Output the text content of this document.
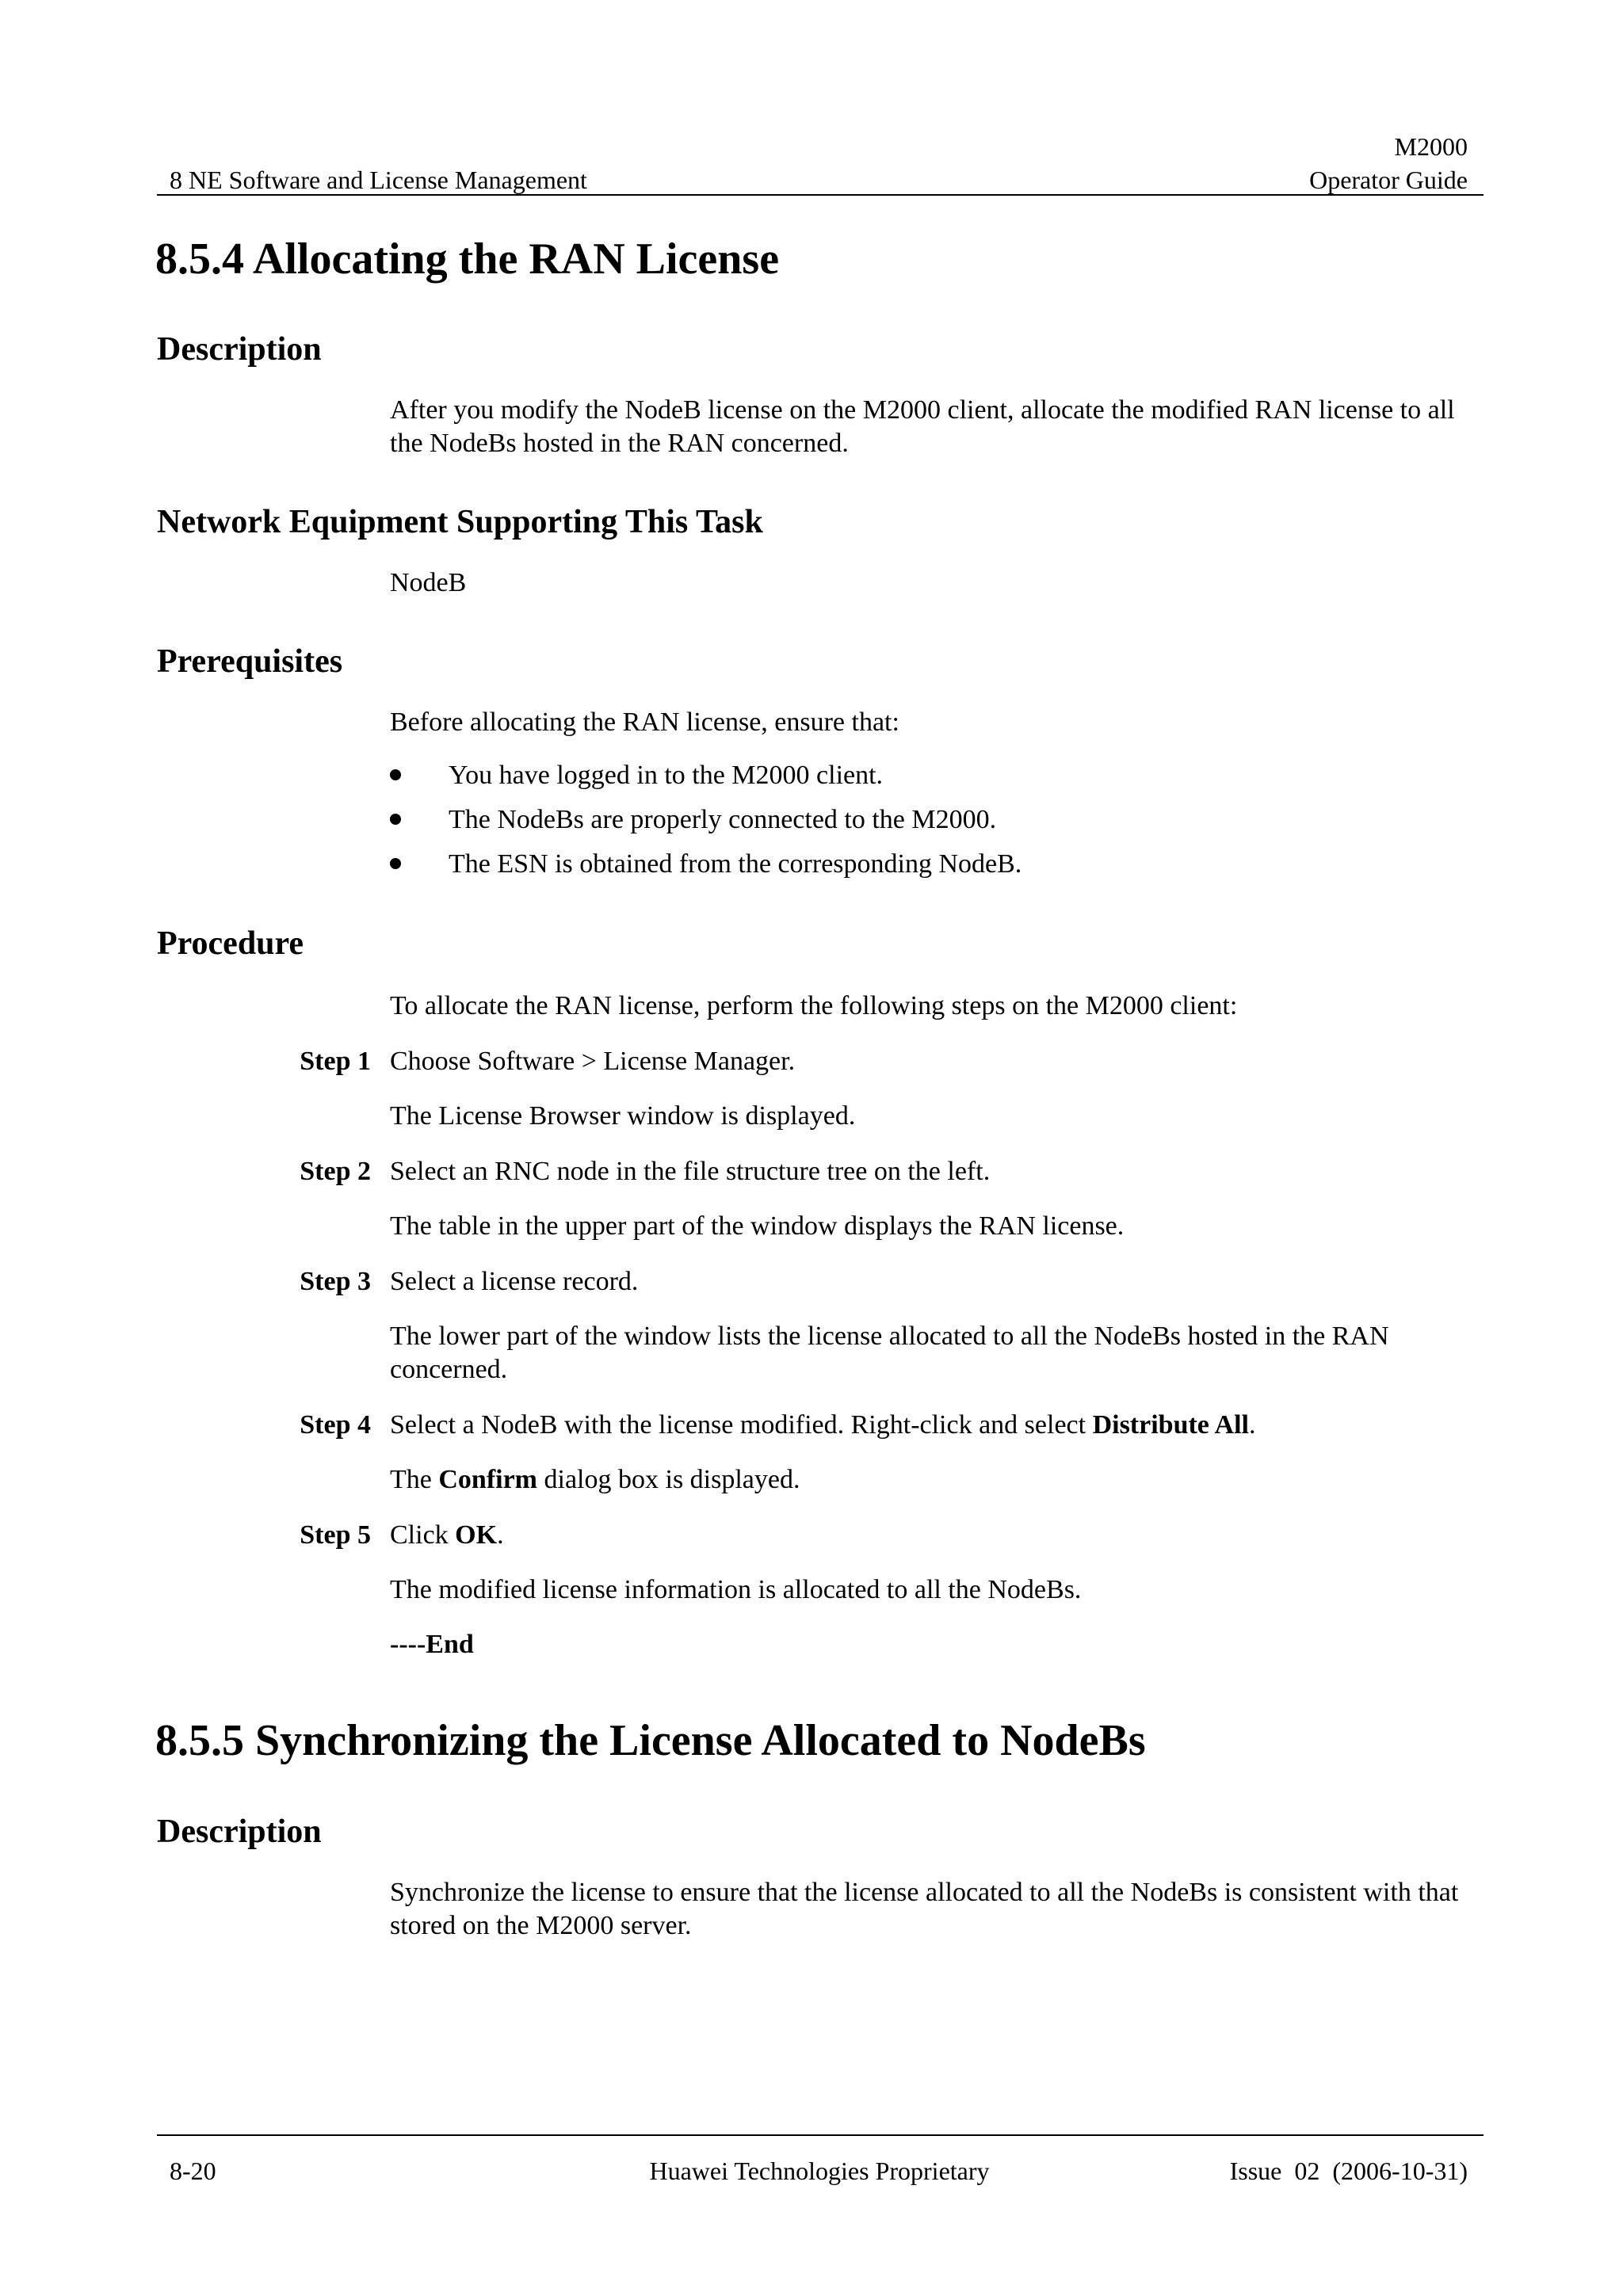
8 NE Software and License Management
M2000
Operator Guide
8.5.4 Allocating the RAN License
Description

After you modify the NodeB license on the M2000 client, allocate the modified RAN license to all the NodeBs hosted in the RAN concerned.

Network Equipment Supporting This Task
NodeB
Prerequisites
Before allocating the RAN license, ensure that:
You have logged in to the M2000 client.
The NodeBs are properly connected to the M2000.
The ESN is obtained from the corresponding NodeB.
Procedure
To allocate the RAN license, perform the following steps on the M2000 client:
Step 1 Choose Software > License Manager.
The License Browser window is displayed.
Step 2 Select an RNC node in the file structure tree on the left.
The table in the upper part of the window displays the RAN license.
Step 3 Select a license record.

The lower part of the window lists the license allocated to all the NodeBs hosted in the RAN concerned.

Step 4 Select a NodeB with the license modified. Right-click and select Distribute All.
The Confirm dialog box is displayed.
Step 5 Click OK.
The modified license information is allocated to all the NodeBs.
----End
8.5.5 Synchronizing the License Allocated to NodeBs
Description

Synchronize the license to ensure that the license allocated to all the NodeBs is consistent with that stored on the M2000 server.

8-20	Huawei Technologies Proprietary	Issue  02  (2006-10-31)
